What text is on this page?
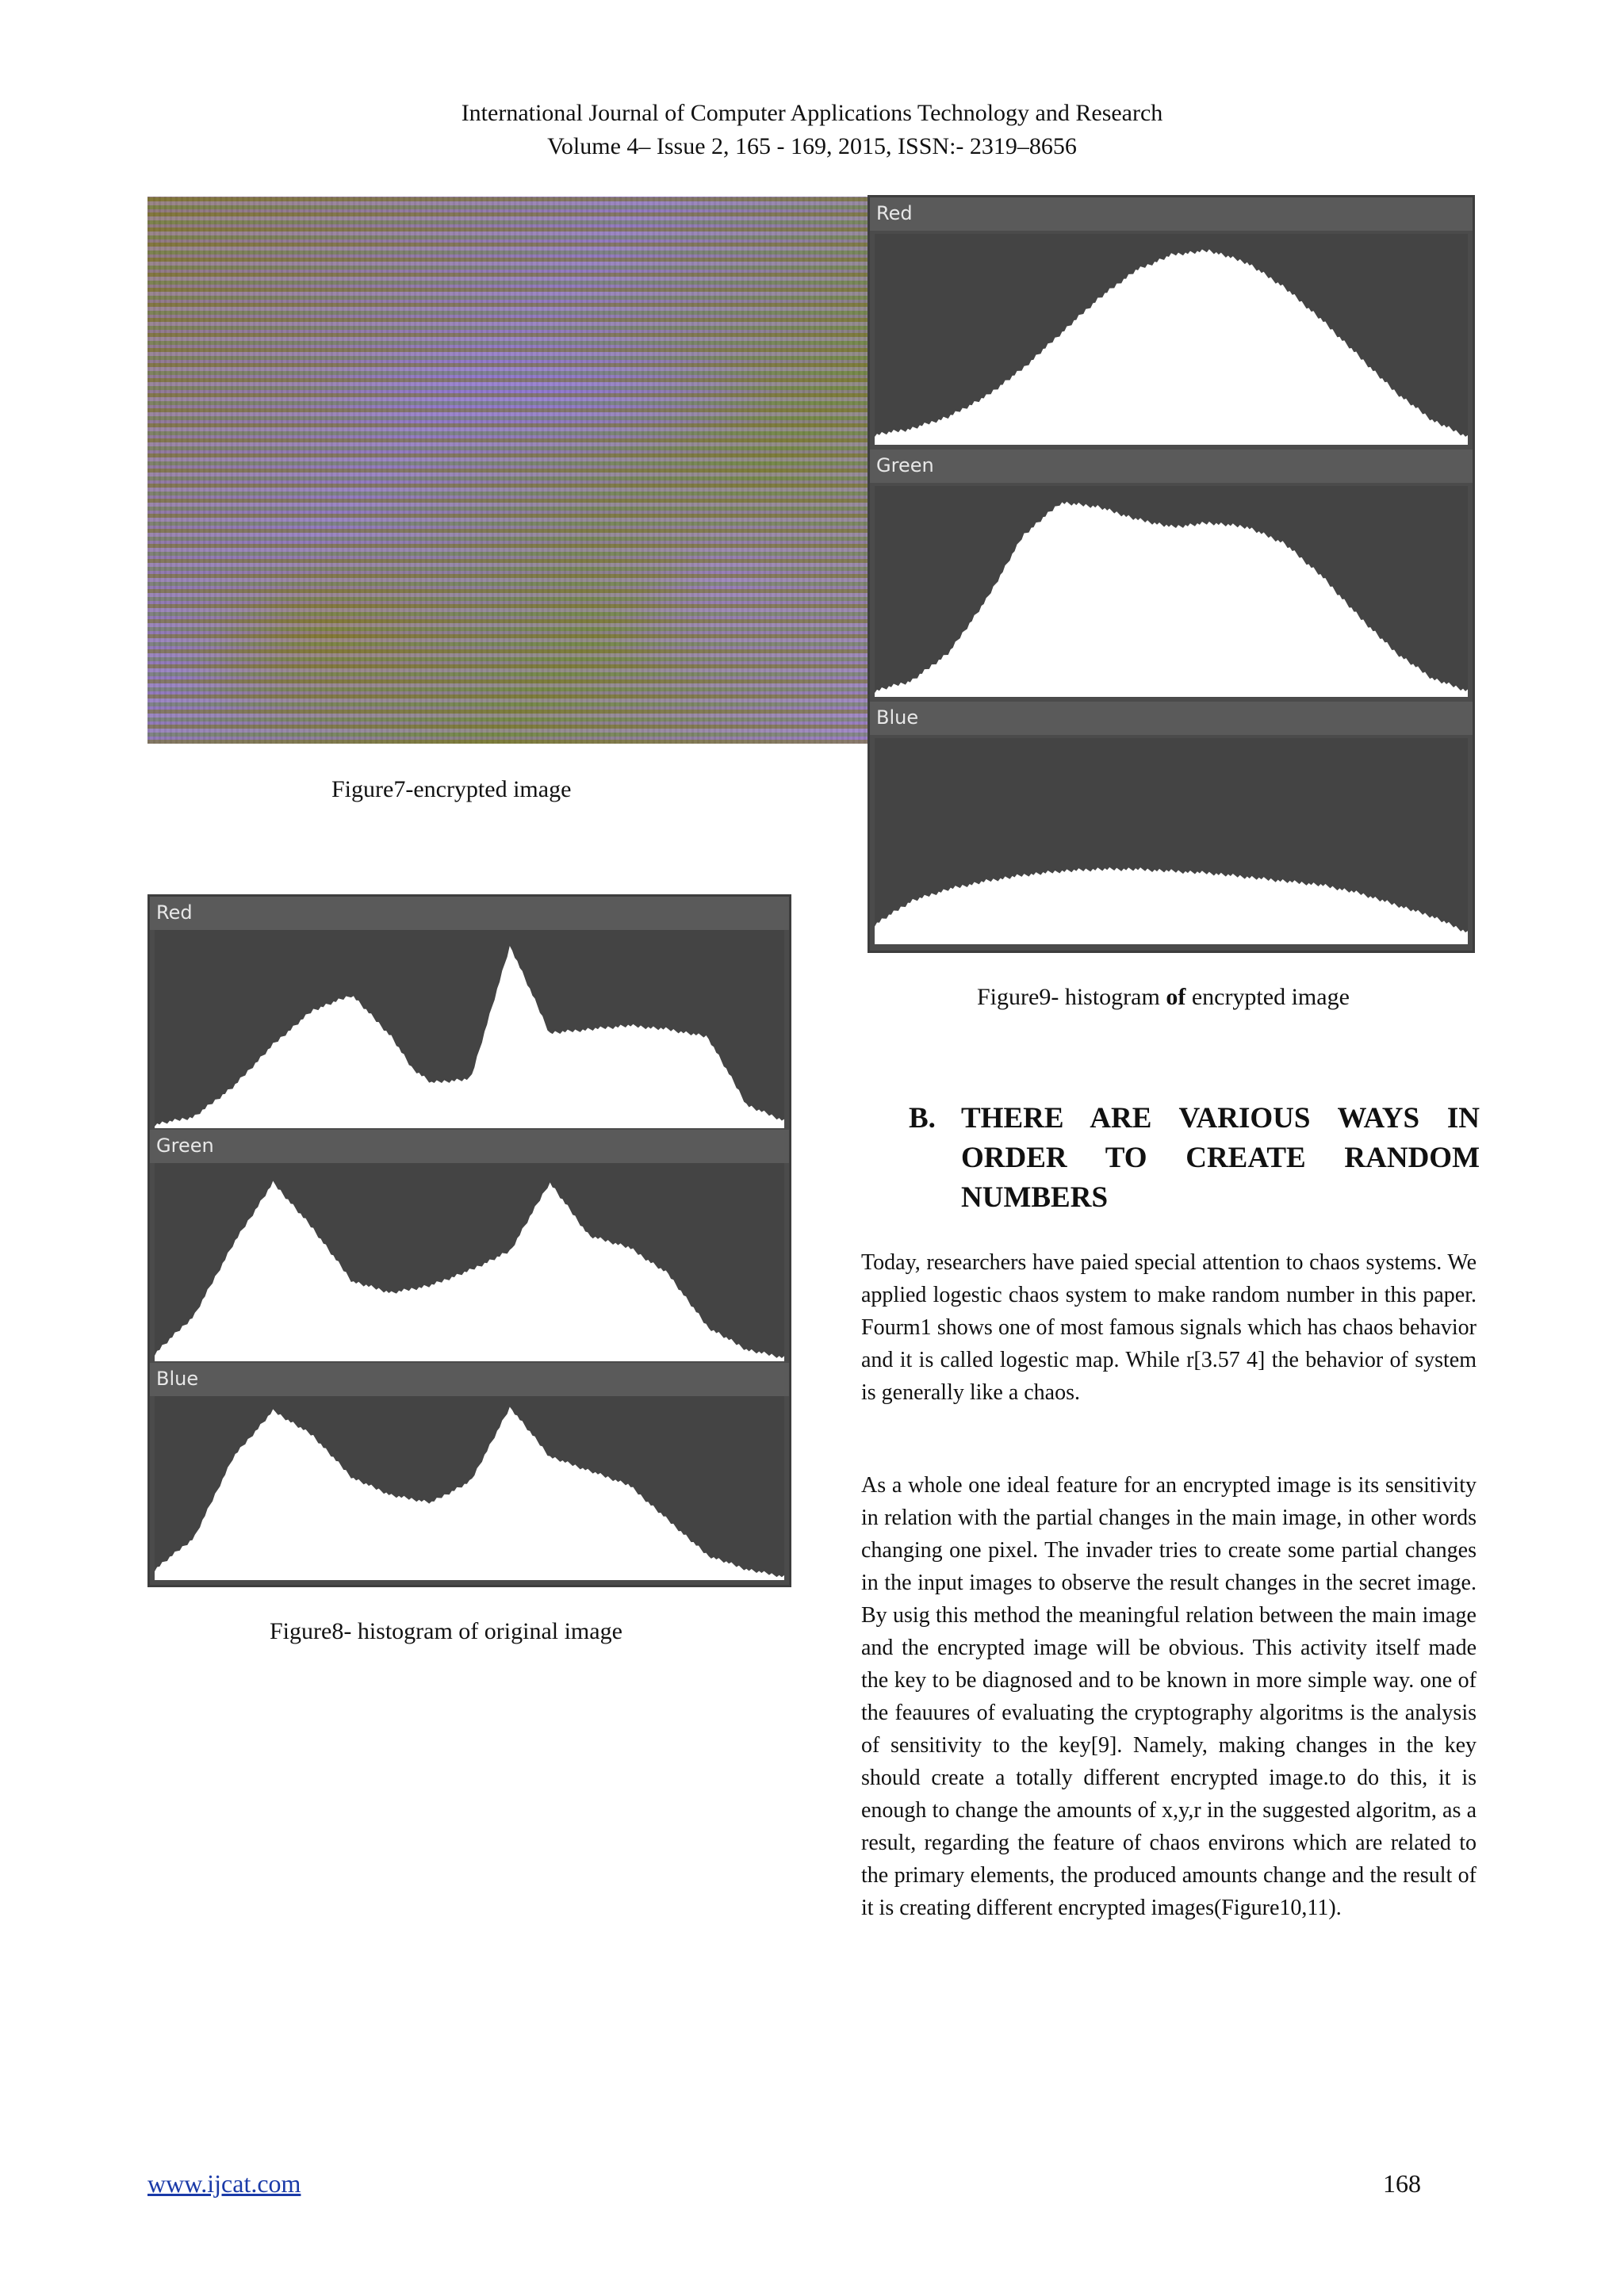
International Journal of Computer Applications Technology and Research
Volume 4– Issue 2, 165 - 169, 2015, ISSN:- 2319–8656
Figure7-encrypted image
Red
Green
Blue
Figure9- histogram of encrypted image
Red
Green
Blue
Figure8- histogram of original image
B. THERE ARE VARIOUS WAYS IN ORDER TO CREATE RANDOM NUMBERS
Today, researchers have paied special attention to chaos systems. We applied logestic chaos system to make random number in this paper. Fourm1 shows one of most famous signals which has chaos behavior and it is called logestic map. While r[3.57 4] the behavior of system is generally like a chaos.
As a whole one ideal feature for an encrypted image is its sensitivity in relation with the partial changes in the main image, in other words changing one pixel. The invader tries to create some partial changes in the input images to observe the result changes in the secret image. By usig this method the meaningful relation between the main image and the encrypted image will be obvious. This activity itself made the key to be diagnosed and to be known in more simple way. one of the feauures of evaluating the cryptography algoritms is the analysis of sensitivity to the key[9]. Namely, making changes in the key should create a totally different encrypted image.to do this, it is enough to change the amounts of x,y,r in the suggested algoritm, as a result, regarding the feature of chaos environs which are related to the primary elements, the produced amounts change and the result of it is creating different encrypted images(Figure10,11).
www.ijcat.com	168
